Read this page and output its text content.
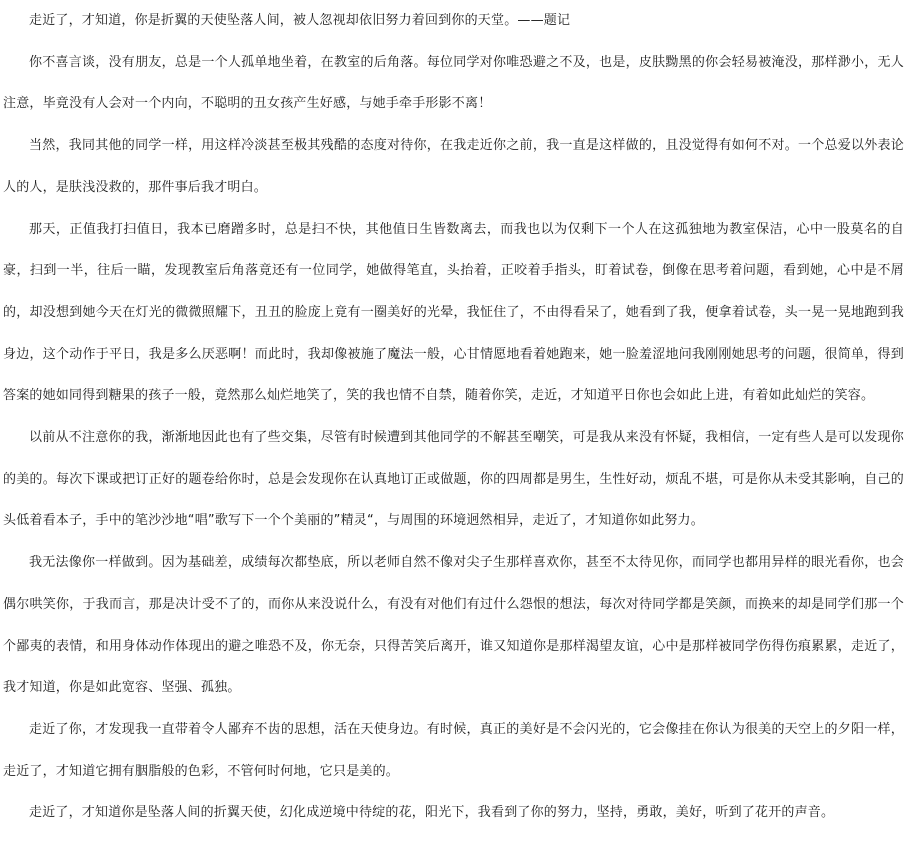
走近了，才知道，你是折翼的天使坠落人间，被人忽视却依旧努力着回到你的天堂。——题记

你不喜言谈，没有朋友，总是一个人孤单地坐着，在教室的后角落。每位同学对你唯恐避之不及，也是，皮肤黝黑的你会轻易被淹没，那样渺小，无人注意，毕竟没有人会对一个内向，不聪明的丑女孩产生好感，与她手牵手形影不离！

当然，我同其他的同学一样，用这样冷淡甚至极其残酷的态度对待你，在我走近你之前，我一直是这样做的，且没觉得有如何不对。一个总爱以外表论人的人，是肤浅没救的，那件事后我才明白。

那天，正值我打扫值日，我本已磨蹭多时，总是扫不快，其他值日生皆数离去，而我也以为仅剩下一个人在这孤独地为教室保洁，心中一股莫名的自豪，扫到一半，往后一瞄，发现教室后角落竟还有一位同学，她做得笔直，头抬着，正咬着手指头，盯着试卷，倒像在思考着问题，看到她，心中是不屑的，却没想到她今天在灯光的微微照耀下，丑丑的脸庞上竟有一圈美好的光晕，我怔住了，不由得看呆了，她看到了我，便拿着试卷，头一晃一晃地跑到我身边，这个动作于平日，我是多么厌恶啊！而此时，我却像被施了魔法一般，心甘情愿地看着她跑来，她一脸羞涩地问我刚刚她思考的问题，很简单，得到答案的她如同得到糖果的孩子一般，竟然那么灿烂地笑了，笑的我也情不自禁，随着你笑，走近，才知道平日你也会如此上进，有着如此灿烂的笑容。

以前从不注意你的我，渐渐地因此也有了些交集，尽管有时候遭到其他同学的不解甚至嘲笑，可是我从来没有怀疑，我相信，一定有些人是可以发现你的美的。每次下课或把订正好的题卷给你时，总是会发现你在认真地订正或做题，你的四周都是男生，生性好动，烦乱不堪，可是你从未受其影响，自己的头低着看本子，手中的笔沙沙地“唱”歌写下一个个美丽的”精灵“，与周围的环境迥然相异，走近了，才知道你如此努力。

我无法像你一样做到。因为基础差，成绩每次都垫底，所以老师自然不像对尖子生那样喜欢你，甚至不太待见你，而同学也都用异样的眼光看你，也会偶尔哄笑你，于我而言，那是决计受不了的，而你从来没说什么，有没有对他们有过什么怨恨的想法，每次对待同学都是笑颜，而换来的却是同学们那一个个鄙夷的表情，和用身体动作体现出的避之唯恐不及，你无奈，只得苦笑后离开，谁又知道你是那样渴望友谊，心中是那样被同学伤得伤痕累累，走近了，我才知道，你是如此宽容、坚强、孤独。

走近了你，才发现我一直带着令人鄙弃不齿的思想，活在天使身边。有时候，真正的美好是不会闪光的，它会像挂在你认为很美的天空上的夕阳一样，走近了，才知道它拥有胭脂般的色彩，不管何时何地，它只是美的。

走近了，才知道你是坠落人间的折翼天使，幻化成逆境中待绽的花，阳光下，我看到了你的努力，坚持，勇敢，美好，听到了花开的声音。
